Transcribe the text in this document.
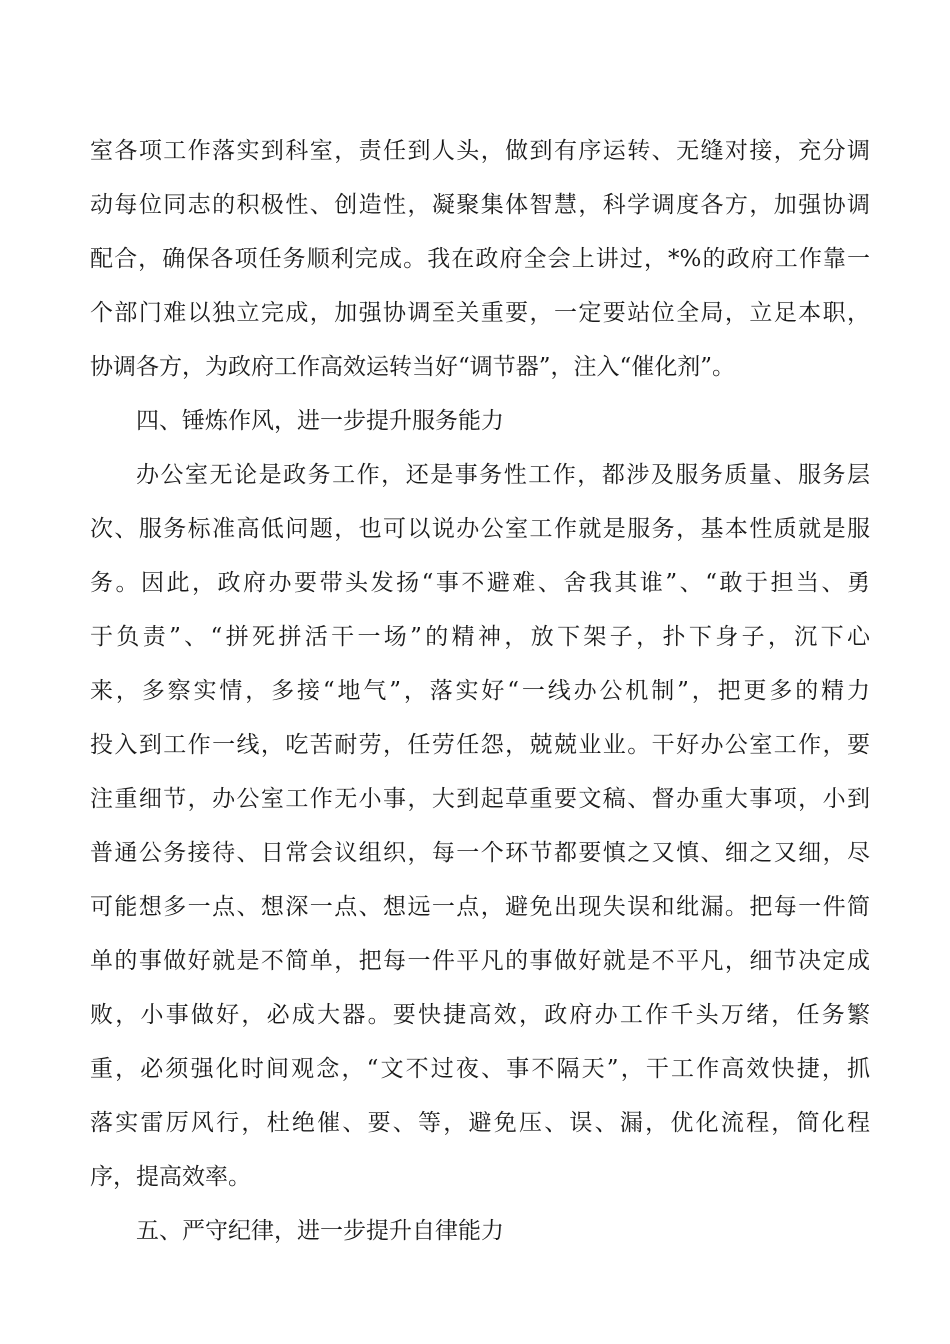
室各项工作落实到科室，责任到人头，做到有序运转、无缝对接，充分调
动每位同志的积极性、创造性，凝聚集体智慧，科学调度各方，加强协调
配合，确保各项任务顺利完成。我在政府全会上讲过，*%的政府工作靠一
个部门难以独立完成，加强协调至关重要，一定要站位全局，立足本职，
协调各方，为政府工作高效运转当好“调节器”，注入“催化剂”。
四、锤炼作风，进一步提升服务能力
办公室无论是政务工作，还是事务性工作，都涉及服务质量、服务层
次、服务标准高低问题，也可以说办公室工作就是服务，基本性质就是服
务。因此，政府办要带头发扬“事不避难、舍我其谁”、“敢于担当、勇
于负责”、“拼死拼活干一场”的精神，放下架子，扑下身子，沉下心
来，多察实情，多接“地气”，落实好“一线办公机制”，把更多的精力
投入到工作一线，吃苦耐劳，任劳任怨，兢兢业业。干好办公室工作，要
注重细节，办公室工作无小事，大到起草重要文稿、督办重大事项，小到
普通公务接待、日常会议组织，每一个环节都要慎之又慎、细之又细，尽
可能想多一点、想深一点、想远一点，避免出现失误和纰漏。把每一件简
单的事做好就是不简单，把每一件平凡的事做好就是不平凡，细节决定成
败，小事做好，必成大器。要快捷高效，政府办工作千头万绪，任务繁
重，必须强化时间观念，“文不过夜、事不隔天”，干工作高效快捷，抓
落实雷厉风行，杜绝催、要、等，避免压、误、漏，优化流程，简化程
序，提高效率。
五、严守纪律，进一步提升自律能力
